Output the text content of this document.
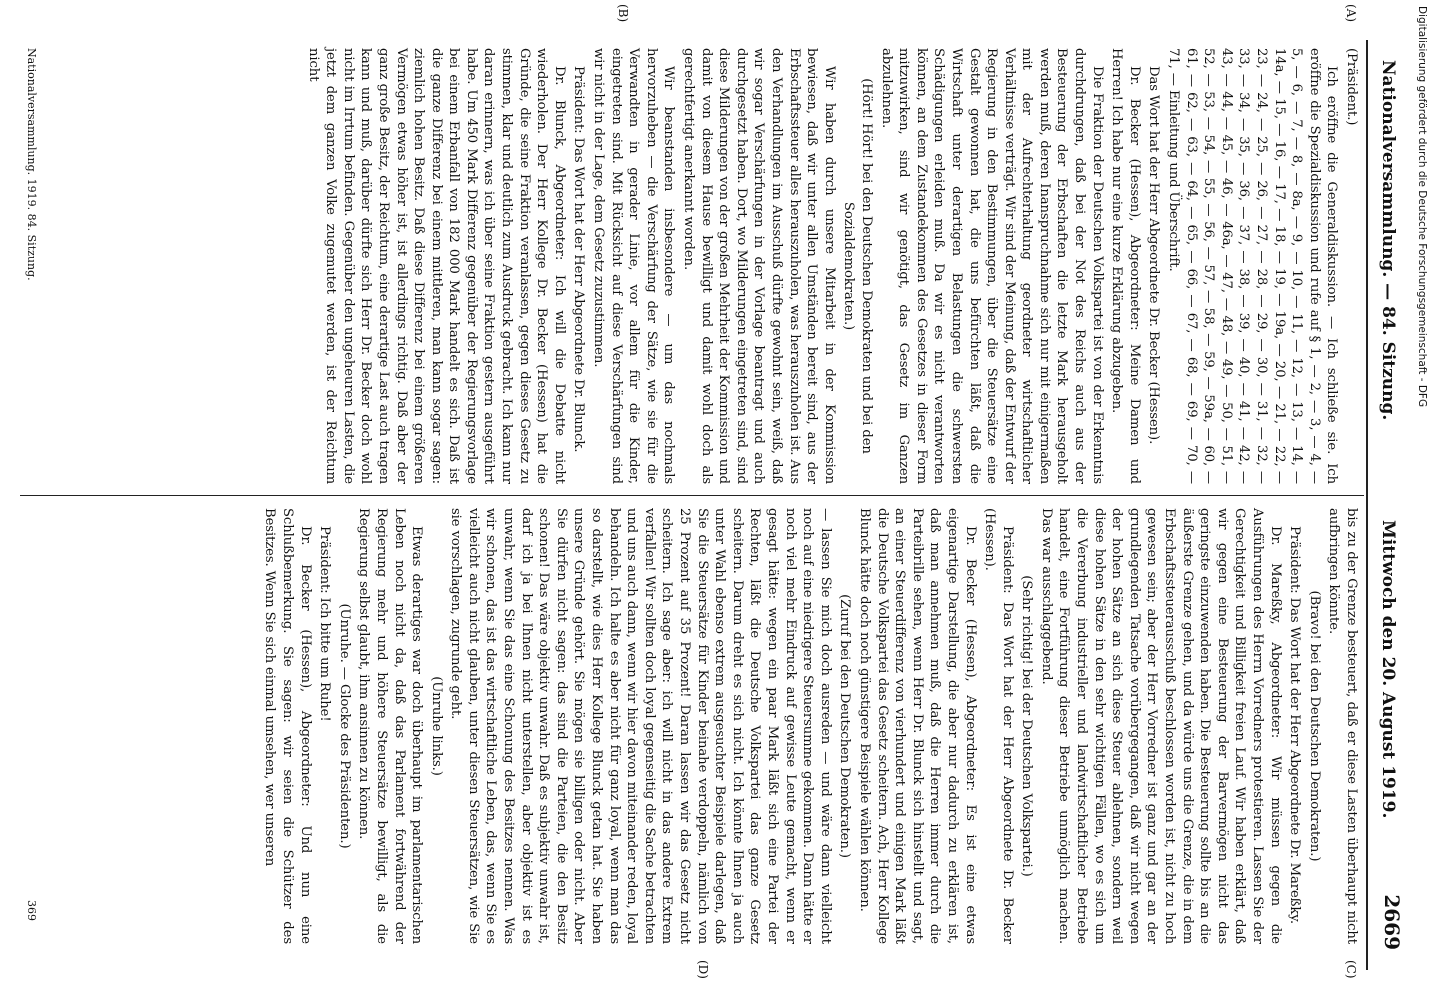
Nationalversammlung. — 84. Sitzung.
Mittwoch den 20. August 1919.
2669
(A)
(B)
(C)
(D)

(Präsident.)

Ich eröffne die Generaldiskussion. — Ich schließe sie. Ich eröffne die Spezialdiskussion und rufe auf § 1, — 2, — 3, — 4, — 5, — 6, — 7, — 8, — 8a, — 9, — 10, — 11, — 12, — 13, — 14, — 14a, — 15, — 16, — 17, — 18, — 19, — 19a, — 20, — 21, — 22, — 23, — 24, — 25, — 26, — 27, — 28, — 29, — 30, — 31, — 32, — 33, — 34, — 35, — 36, — 37, — 38, — 39, — 40, — 41, — 42, — 43, — 44, — 45, — 46, — 46a, — 47, — 48, — 49, — 50, — 51, — 52, — 53, — 54, — 55, — 56, — 57, — 58, — 59, — 59a, — 60, — 61, — 62, — 63, — 64, — 65, — 66, — 67, — 68, — 69, — 70, — 71, — Einleitung und Überschrift.

Das Wort hat der Herr Abgeordnete Dr. Becker (Hessen).

Dr. Becker (Hessen), Abgeordneter: Meine Damen und Herren! Ich habe nur eine kurze Erklärung abzugeben.

Die Fraktion der Deutschen Volkspartei ist von der Erkenntnis durchdrungen, daß bei der Not des Reichs auch aus der Besteuerung der Erbschaften die letzte Mark herausgeholt werden muß, deren Inanspruchnahme sich nur mit einigermaßen mit der Aufrechterhaltung geordneter wirtschaftlicher Verhältnisse verträgt. Wir sind der Meinung, daß der Entwurf der Regierung in den Bestimmungen, über die Steuersätze eine Gestalt gewonnen hat, die uns befürchten läßt, daß die Wirtschaft unter derartigen Belastungen die schwersten Schädigungen erleiden muß. Da wir es nicht verantworten können, an dem Zustandekommen des Gesetzes in dieser Form mitzuwirken, sind wir genötigt, das Gesetz im Ganzen abzulehnen.

(Hört! Hört! bei den Deutschen Demokraten und bei den Sozialdemokraten.)

Wir haben durch unsere Mitarbeit in der Kommission bewiesen, daß wir unter allen Umständen bereit sind, aus der Erbschaftssteuer alles herauszuholen, was herauszuholen ist. Aus den Verhandlungen im Ausschuß dürfte gewohnt sein, weiß, daß wir sogar Verschärfungen in der Vorlage beantragt und auch durchgesetzt haben. Dort, wo Milderungen eingetreten sind, sind diese Milderungen von der großen Mehrheit der Kommission und damit von diesem Hause bewilligt und damit wohl doch als gerechtfertigt anerkannt worden.

Wir beanstanden insbesondere — um das nochmals hervorzuheben — die Verschärfung der Sätze, wie sie für die Verwandten in gerader Linie, vor allem für die Kinder, eingetreten sind. Mit Rücksicht auf diese Verschärfungen sind wir nicht in der Lage, dem Gesetz zuzustimmen.

Präsident: Das Wort hat der Herr Abgeordnete Dr. Blunck.

Dr. Blunck, Abgeordneter: Ich will die Debatte nicht wiederholen. Der Herr Kollege Dr. Becker (Hessen) hat die Gründe, die seine Fraktion veranlassen, gegen dieses Gesetz zu stimmen, klar und deutlich zum Ausdruck gebracht. Ich kann nur daran erinnern, was ich über seine Fraktion gestern ausgeführt habe. Um 450 Mark Differenz gegenüber der Regierungsvorlage bei einem Erbanfall von 182 000 Mark handelt es sich. Daß ist die ganze Differenz bei einem mittleren, man kann sogar sagen: ziemlich hohen Besitz. Daß diese Differenz bei einem größeren Vermögen etwas höher ist, ist allerdings richtig. Daß aber der ganz große Besitz, der Reichtum, eine derartige Last auch tragen kann und muß, darüber dürfte sich Herr Dr. Becker doch wohl nicht im Irrtum befinden. Gegenüber den ungeheuren Lasten, die jetzt dem ganzen Volke zugemutet werden, ist der Reichtum nicht

bis zu der Grenze besteuert, daß er diese Lasten überhaupt nicht aufbringen könnte.

(Bravo! bei den Deutschen Demokraten.)

Präsident: Das Wort hat der Herr Abgeordnete Dr. Mareßky.

Dr. Mareßky, Abgeordneter: Wir müssen gegen die Ausführungen des Herrn Vorredners protestieren. Lassen Sie der Gerechtigkeit und Billigkeit freien Lauf. Wir haben erklärt, daß wir gegen eine Besteuerung der Barvermögen nicht das geringste einzuwenden haben. Die Besteuerung sollte bis an die äußerste Grenze gehen, und da würde uns die Grenze, die in dem Erbschaftssteuerausschuß beschlossen worden ist, nicht zu hoch gewesen sein; aber der Herr Vorredner ist ganz und gar an der grundlegenden Tatsache vorübergegangen, daß wir nicht wegen der hohen Sätze an sich diese Steuer ablehnen, sondern weil diese hohen Sätze in den sehr wichtigen Fällen, wo es sich um die Vererbung industrieller und landwirtschaftlicher Betriebe handelt, eine Fortführung dieser Betriebe unmöglich machen. Das war ausschlaggebend.

(Sehr richtig! bei der Deutschen Volkspartei.)

Präsident: Das Wort hat der Herr Abgeordnete Dr. Becker (Hessen).

Dr. Becker (Hessen), Abgeordneter: Es ist eine etwas eigenartige Darstellung, die aber nur dadurch zu erklären ist, daß man annehmen muß, daß die Herren immer durch die Parteibrille sehen, wenn Herr Dr. Blunck sich hinstellt und sagt, an einer Steuerdifferenz von vierhundert und einigen Mark läßt die Deutsche Volkspartei das Gesetz scheitern. Ach, Herr Kollege Blunck hätte doch noch günstigere Beispiele wählen können.

(Zuruf bei den Deutschen Demokraten.)

— lassen Sie mich doch ausreden — und wäre dann vielleicht noch auf eine niedrigere Steuersumme gekommen. Dann hätte er noch viel mehr Eindruck auf gewisse Leute gemacht, wenn er gesagt hätte: wegen ein paar Mark läßt sich eine Partei der Rechten, läßt die Deutsche Volkspartei das ganze Gesetz scheitern. Darum dreht es sich nicht. Ich könnte Ihnen ja auch unter Wahl ebenso extrem ausgesuchter Beispiele darlegen, daß Sie die Steuersätze für Kinder beinahe verdoppeln, nämlich von 25 Prozent auf 35 Prozent! Daran lassen wir das Gesetz nicht scheitern. Ich sage aber: ich will nicht in das andere Extrem verfallen! Wir sollten doch loyal gegenseitig die Sache betrachten und uns auch dann, wenn wir hier davon miteinander reden, loyal behandeln. Ich halte es aber nicht für ganz loyal, wenn man das so darstellt, wie dies Herr Kollege Blunck getan hat. Sie haben unsere Gründe gehört. Sie mögen sie billigen oder nicht. Aber Sie dürfen nicht sagen: das sind die Parteien, die den Besitz schonen! Das wäre objektiv unwahr. Daß es subjektiv unwahr ist, darf ich ja bei Ihnen nicht unterstellen, aber objektiv ist es unwahr, wenn Sie das eine Schonung des Besitzes nennen. Was wir schonen, das ist das wirtschaftliche Leben, das, wenn Sie es vielleicht auch nicht glauben, unter diesen Steuersätzen, wie Sie sie vorschlagen, zugrunde geht.

(Unruhe links.)

Etwas derartiges war doch überhaupt im parlamentarischen Leben noch nicht da, daß das Parlament fortwährend der Regierung mehr und höhere Steuersätze bewilligt, als die Regierung selbst glaubt, ihm ansinnen zu können.

(Unruhe. — Glocke des Präsidenten.)

Präsident: Ich bitte um Ruhe!

Dr. Becker (Hessen), Abgeordneter: Und nun eine Schlußbemerkung. Sie sagen: wir seien die Schützer des Besitzes. Wenn Sie sich einmal umsehen, wer unseren

Nationalversammlung. 1919. 84. Sitzung.
369
Digitalisierung gefördert durch die Deutsche Forschungsgemeinschaft - DFG
